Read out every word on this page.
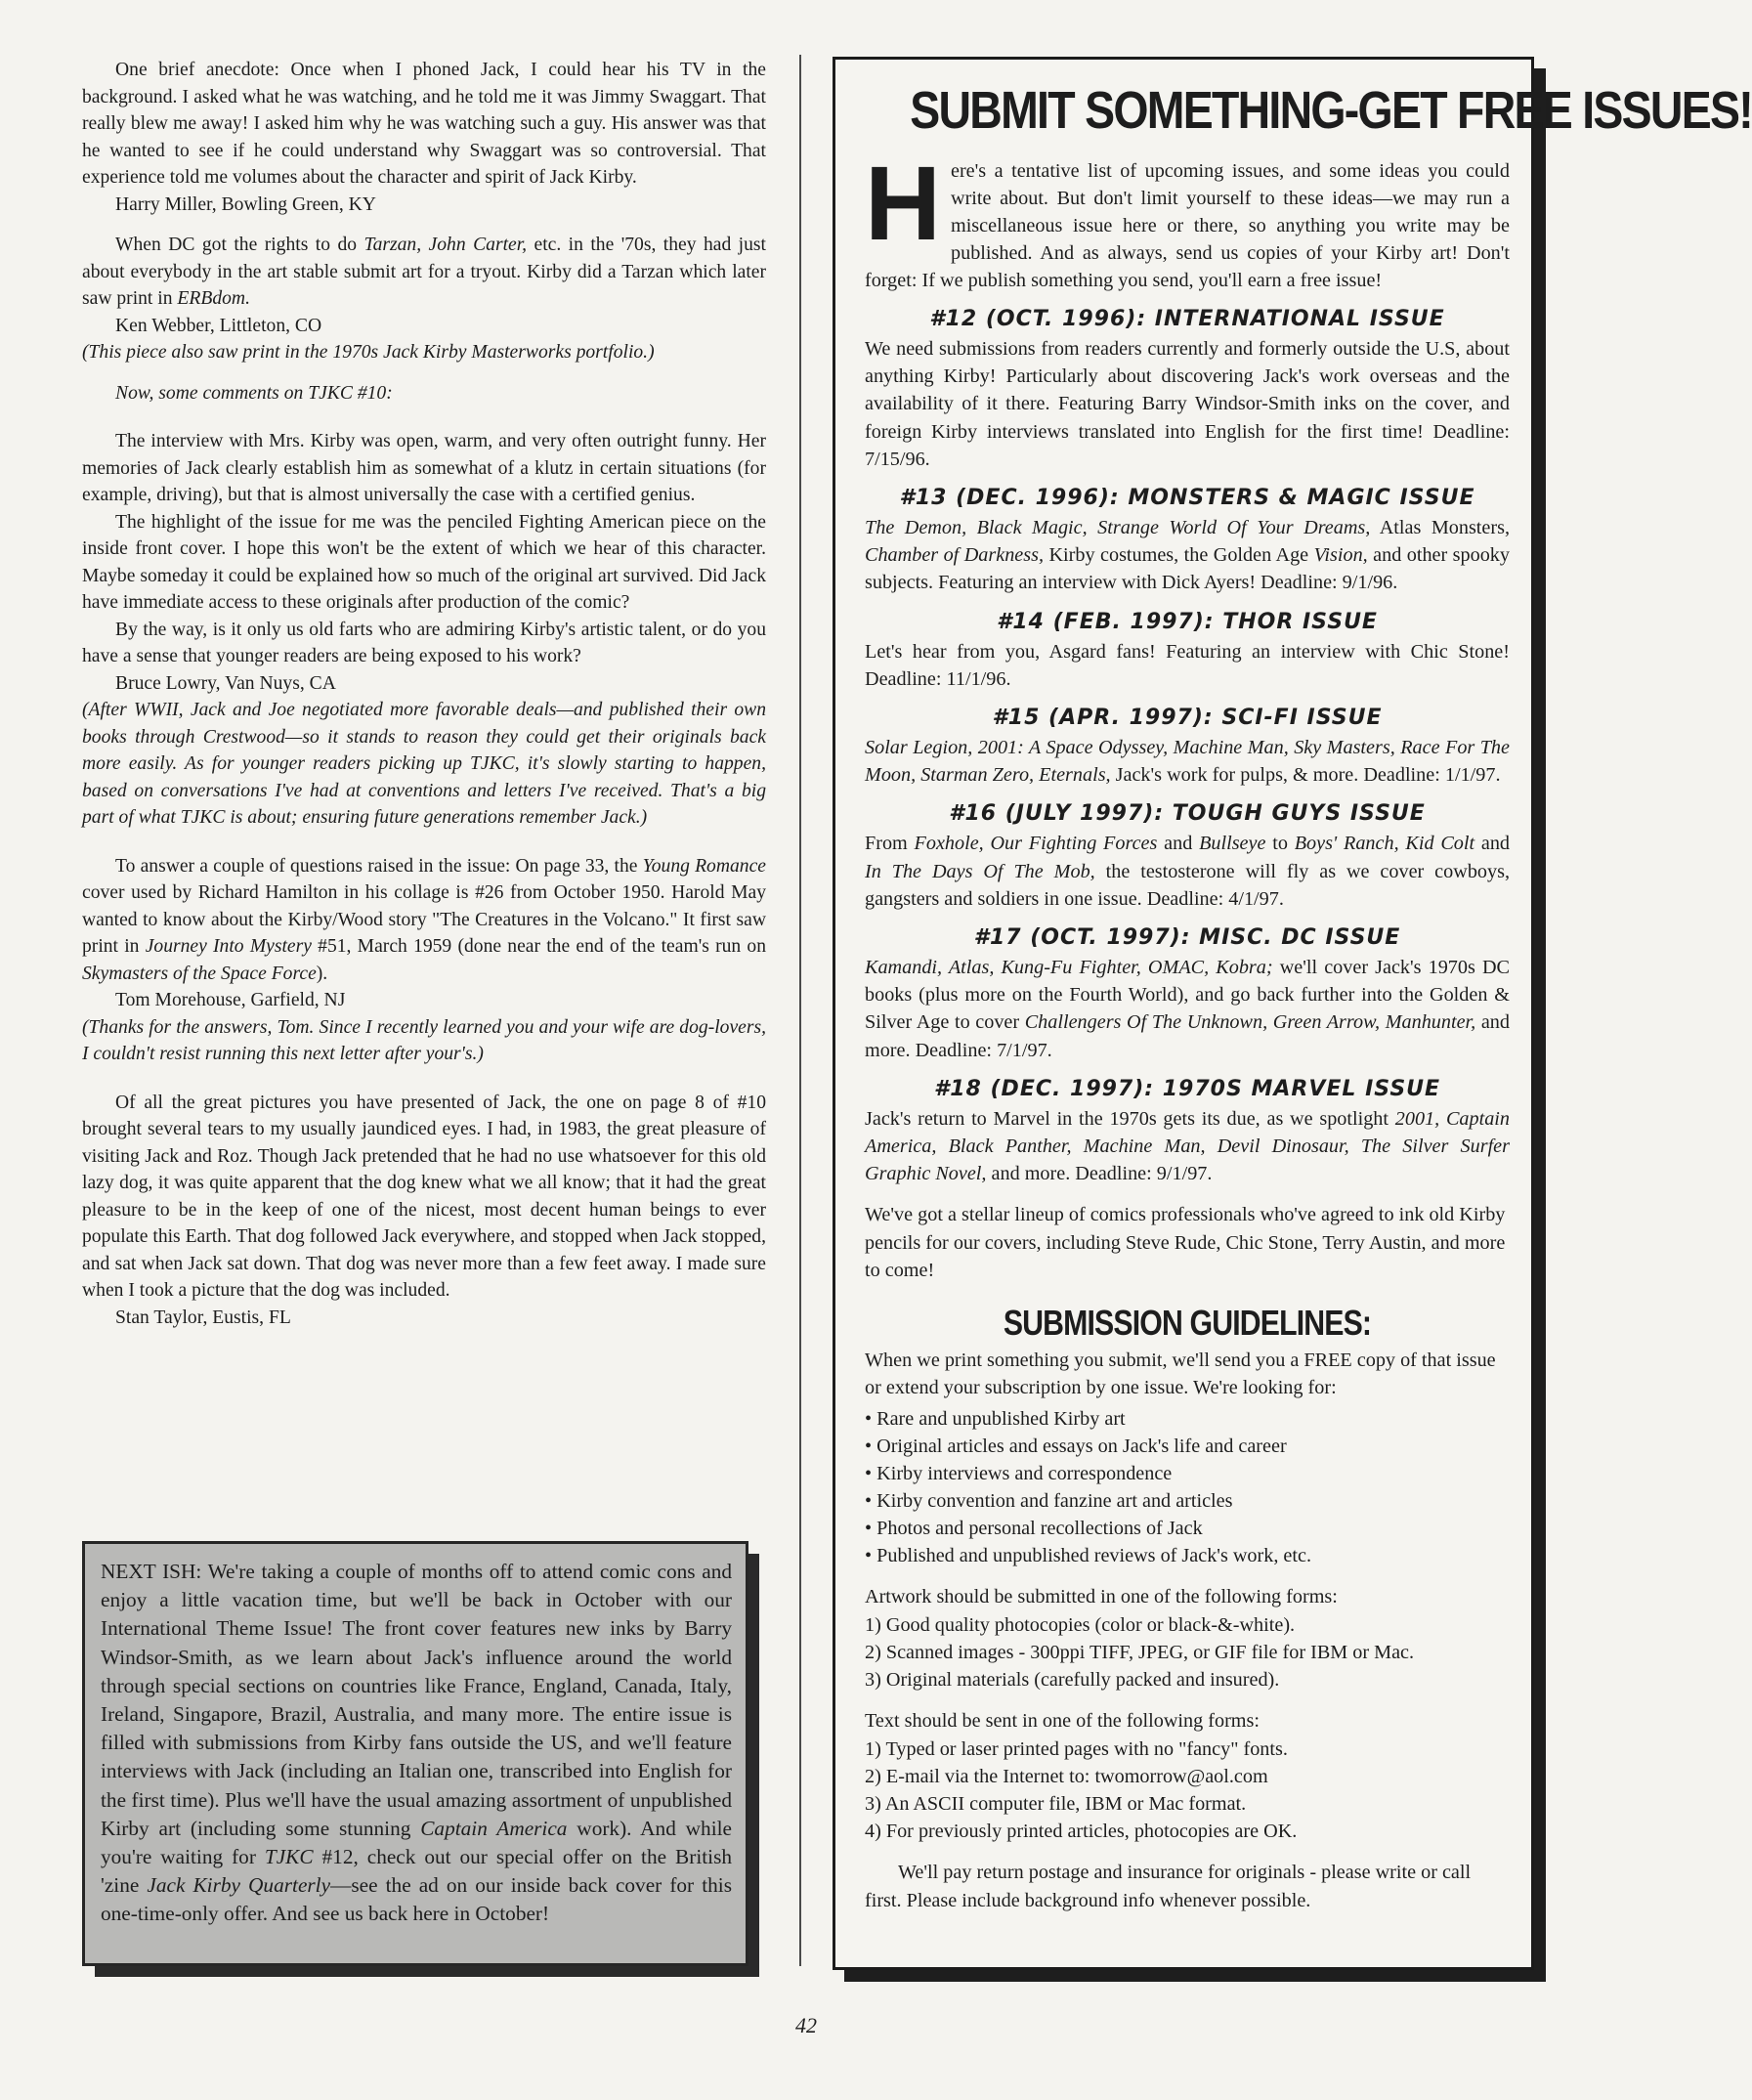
One brief anecdote: Once when I phoned Jack, I could hear his TV in the background. I asked what he was watching, and he told me it was Jimmy Swaggart. That really blew me away! I asked him why he was watching such a guy. His answer was that he wanted to see if he could understand why Swaggart was so controversial. That experience told me volumes about the character and spirit of Jack Kirby.

Harry Miller, Bowling Green, KY

When DC got the rights to do Tarzan, John Carter, etc. in the '70s, they had just about everybody in the art stable submit art for a tryout. Kirby did a Tarzan which later saw print in ERBdom.

Ken Webber, Littleton, CO

(This piece also saw print in the 1970s Jack Kirby Masterworks portfolio.)

Now, some comments on TJKC #10:

The interview with Mrs. Kirby was open, warm, and very often outright funny. Her memories of Jack clearly establish him as somewhat of a klutz in certain situations (for example, driving), but that is almost universally the case with a certified genius.

The highlight of the issue for me was the penciled Fighting American piece on the inside front cover. I hope this won't be the extent of which we hear of this character. Maybe someday it could be explained how so much of the original art survived. Did Jack have immediate access to these originals after production of the comic?

By the way, is it only us old farts who are admiring Kirby's artistic talent, or do you have a sense that younger readers are being exposed to his work?

Bruce Lowry, Van Nuys, CA

(After WWII, Jack and Joe negotiated more favorable deals—and published their own books through Crestwood—so it stands to reason they could get their originals back more easily. As for younger readers picking up TJKC, it's slowly starting to happen, based on conversations I've had at conventions and letters I've received. That's a big part of what TJKC is about; ensuring future generations remember Jack.)

To answer a couple of questions raised in the issue: On page 33, the Young Romance cover used by Richard Hamilton in his collage is #26 from October 1950. Harold May wanted to know about the Kirby/Wood story "The Creatures in the Volcano." It first saw print in Journey Into Mystery #51, March 1959 (done near the end of the team's run on Skymasters of the Space Force).

Tom Morehouse, Garfield, NJ

(Thanks for the answers, Tom. Since I recently learned you and your wife are dog-lovers, I couldn't resist running this next letter after your's.)

Of all the great pictures you have presented of Jack, the one on page 8 of #10 brought several tears to my usually jaundiced eyes. I had, in 1983, the great pleasure of visiting Jack and Roz. Though Jack pretended that he had no use whatsoever for this old lazy dog, it was quite apparent that the dog knew what we all know; that it had the great pleasure to be in the keep of one of the nicest, most decent human beings to ever populate this Earth. That dog followed Jack everywhere, and stopped when Jack stopped, and sat when Jack sat down. That dog was never more than a few feet away. I made sure when I took a picture that the dog was included.

Stan Taylor, Eustis, FL

NEXT ISH: We're taking a couple of months off to attend comic cons and enjoy a little vacation time, but we'll be back in October with our International Theme Issue! The front cover features new inks by Barry Windsor-Smith, as we learn about Jack's influence around the world through special sections on countries like France, England, Canada, Italy, Ireland, Singapore, Brazil, Australia, and many more. The entire issue is filled with submissions from Kirby fans outside the US, and we'll feature interviews with Jack (including an Italian one, transcribed into English for the first time). Plus we'll have the usual amazing assortment of unpublished Kirby art (including some stunning Captain America work). And while you're waiting for TJKC #12, check out our special offer on the British 'zine Jack Kirby Quarterly—see the ad on our inside back cover for this one-time-only offer. And see us back here in October!

SUBMIT SOMETHING-GET FREE ISSUES!
H ere's a tentative list of upcoming issues, and some ideas you could write about. But don't limit yourself to these ideas—we may run a miscellaneous issue here or there, so anything you write may be published. And as always, send us copies of your Kirby art! Don't forget: If we publish something you send, you'll earn a free issue!

#12 (OCT. 1996): INTERNATIONAL ISSUE

We need submissions from readers currently and formerly outside the U.S, about anything Kirby! Particularly about discovering Jack's work overseas and the availability of it there. Featuring Barry Windsor-Smith inks on the cover, and foreign Kirby interviews translated into English for the first time! Deadline: 7/15/96.

#13 (DEC. 1996): MONSTERS & MAGIC ISSUE

The Demon, Black Magic, Strange World Of Your Dreams, Atlas Monsters, Chamber of Darkness, Kirby costumes, the Golden Age Vision, and other spooky subjects. Featuring an interview with Dick Ayers! Deadline: 9/1/96.

#14 (FEB. 1997): THOR ISSUE

Let's hear from you, Asgard fans! Featuring an interview with Chic Stone! Deadline: 11/1/96.

#15 (APR. 1997): SCI-FI ISSUE

Solar Legion, 2001: A Space Odyssey, Machine Man, Sky Masters, Race For The Moon, Starman Zero, Eternals, Jack's work for pulps, & more. Deadline: 1/1/97.

#16 (JULY 1997): TOUGH GUYS ISSUE

From Foxhole, Our Fighting Forces and Bullseye to Boys' Ranch, Kid Colt and In The Days Of The Mob, the testosterone will fly as we cover cowboys, gangsters and soldiers in one issue. Deadline: 4/1/97.

#17 (OCT. 1997): MISC. DC ISSUE

Kamandi, Atlas, Kung-Fu Fighter, OMAC, Kobra; we'll cover Jack's 1970s DC books (plus more on the Fourth World), and go back further into the Golden & Silver Age to cover Challengers Of The Unknown, Green Arrow, Manhunter, and more. Deadline: 7/1/97.

#18 (DEC. 1997): 1970S MARVEL ISSUE

Jack's return to Marvel in the 1970s gets its due, as we spotlight 2001, Captain America, Black Panther, Machine Man, Devil Dinosaur, The Silver Surfer Graphic Novel, and more. Deadline: 9/1/97.

We've got a stellar lineup of comics professionals who've agreed to ink old Kirby pencils for our covers, including Steve Rude, Chic Stone, Terry Austin, and more to come!

SUBMISSION GUIDELINES:

When we print something you submit, we'll send you a FREE copy of that issue or extend your subscription by one issue. We're looking for:

• Rare and unpublished Kirby art
• Original articles and essays on Jack's life and career
• Kirby interviews and correspondence
• Kirby convention and fanzine art and articles
• Photos and personal recollections of Jack
• Published and unpublished reviews of Jack's work, etc.

Artwork should be submitted in one of the following forms:

1) Good quality photocopies (color or black-&-white).

2) Scanned images - 300ppi TIFF, JPEG, or GIF file for IBM or Mac.

3) Original materials (carefully packed and insured).

Text should be sent in one of the following forms:

1) Typed or laser printed pages with no "fancy" fonts.

2) E-mail via the Internet to: twomorrow@aol.com

3) An ASCII computer file, IBM or Mac format.

4) For previously printed articles, photocopies are OK.

We'll pay return postage and insurance for originals - please write or call first. Please include background info whenever possible.

42
